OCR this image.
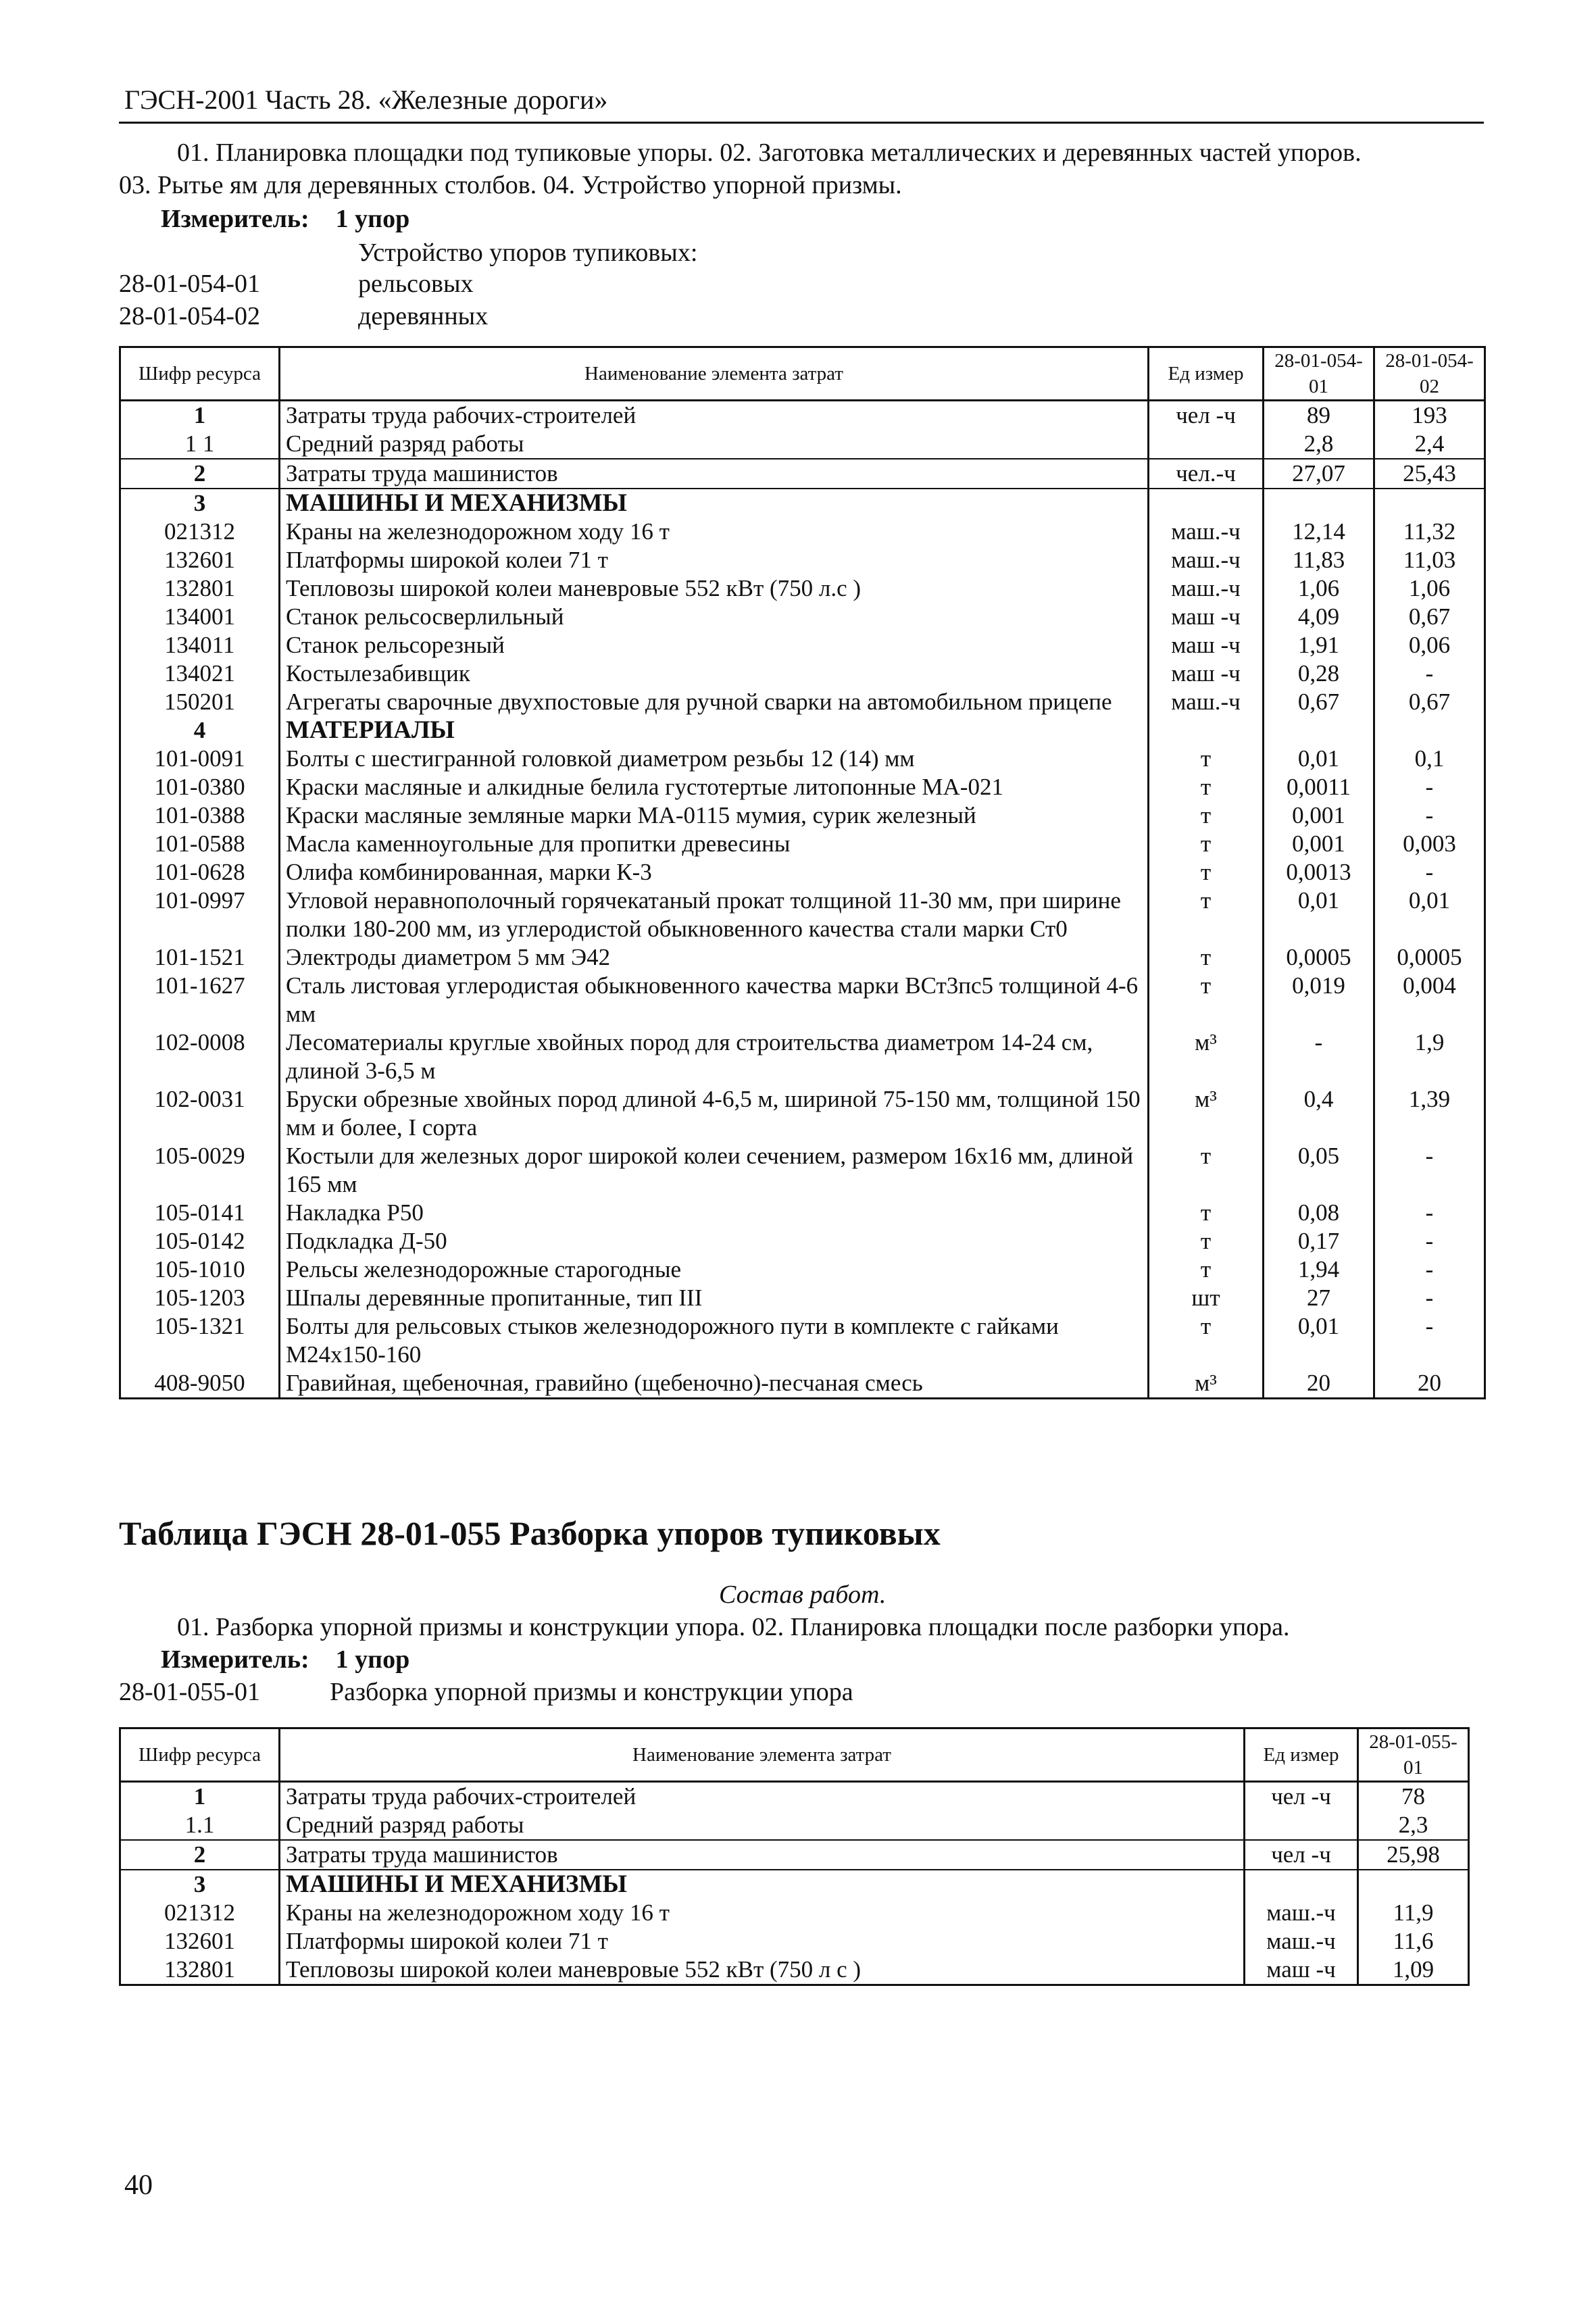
ГЭСН-2001 Часть 28. «Железные дороги»
01. Планировка площадки под тупиковые упоры. 02. Заготовка металлических и деревянных частей упоров.
03. Рытье ям для деревянных столбов. 04. Устройство упорной призмы.
Измеритель: 1 упор
Устройство упоров тупиковых:
28-01-054-01	рельсовых
28-01-054-02	деревянных
Шифр ресурса	Наименование элемента затрат	Ед измер	28-01-054-01	28-01-054-02
1	Затраты труда рабочих-строителей	чел -ч	89	193
1 1	Средний разряд работы		2,8	2,4
2	Затраты труда машинистов	чел.-ч	27,07	25,43
3	МАШИНЫ И МЕХАНИЗМЫ			
021312	Краны на железнодорожном ходу 16 т	маш.-ч	12,14	11,32
132601	Платформы широкой колеи 71 т	маш.-ч	11,83	11,03
132801	Тепловозы широкой колеи маневровые 552 кВт (750 л.с )	маш.-ч	1,06	1,06
134001	Станок рельсосверлильный	маш -ч	4,09	0,67
134011	Станок рельсорезный	маш -ч	1,91	0,06
134021	Костылезабивщик	маш -ч	0,28	-
150201	Агрегаты сварочные двухпостовые для ручной сварки на автомобильном прицепе	маш.-ч	0,67	0,67
4	МАТЕРИАЛЫ			
101-0091	Болты с шестигранной головкой диаметром резьбы 12 (14) мм	т	0,01	0,1
101-0380	Краски масляные и алкидные белила густотертые литопонные МА-021	т	0,0011	-
101-0388	Краски масляные земляные марки МА-0115 мумия, сурик железный	т	0,001	-
101-0588	Масла каменноугольные для пропитки древесины	т	0,001	0,003
101-0628	Олифа комбинированная, марки К-3	т	0,0013	-
101-0997	Угловой неравнополочный горячекатаный прокат толщиной 11-30 мм, при ширине полки 180-200 мм, из углеродистой обыкновенного качества стали марки Ст0	т	0,01	0,01
101-1521	Электроды диаметром 5 мм Э42	т	0,0005	0,0005
101-1627	Сталь листовая углеродистая обыкновенного качества марки ВСт3пс5 толщиной 4-6 мм	т	0,019	0,004
102-0008	Лесоматериалы круглые хвойных пород для строительства диаметром 14-24 см, длиной 3-6,5 м	м³	-	1,9
102-0031	Бруски обрезные хвойных пород длиной 4-6,5 м, шириной 75-150 мм, толщиной 150 мм и более, I сорта	м³	0,4	1,39
105-0029	Костыли для железных дорог широкой колеи сечением, размером 16х16 мм, длиной 165 мм	т	0,05	-
105-0141	Накладка Р50	т	0,08	-
105-0142	Подкладка Д-50	т	0,17	-
105-1010	Рельсы железнодорожные старогодные	т	1,94	-
105-1203	Шпалы деревянные пропитанные, тип III	шт	27	-
105-1321	Болты для рельсовых стыков железнодорожного пути в комплекте с гайками М24х150-160	т	0,01	-
408-9050	Гравийная, щебеночная, гравийно (щебеночно)-песчаная смесь	м³	20	20
Таблица ГЭСН 28-01-055 Разборка упоров тупиковых
Состав работ.
01. Разборка упорной призмы и конструкции упора. 02. Планировка площадки после разборки упора.
Измеритель: 1 упор
28-01-055-01	Разборка упорной призмы и конструкции упора
Шифр ресурса	Наименование элемента затрат	Ед измер	28-01-055-01
1	Затраты труда рабочих-строителей	чел -ч	78
1.1	Средний разряд работы		2,3
2	Затраты труда машинистов	чел -ч	25,98
3	МАШИНЫ И МЕХАНИЗМЫ		
021312	Краны на железнодорожном ходу 16 т	маш.-ч	11,9
132601	Платформы широкой колеи 71 т	маш.-ч	11,6
132801	Тепловозы широкой колеи маневровые 552 кВт (750 л с )	маш -ч	1,09
40
